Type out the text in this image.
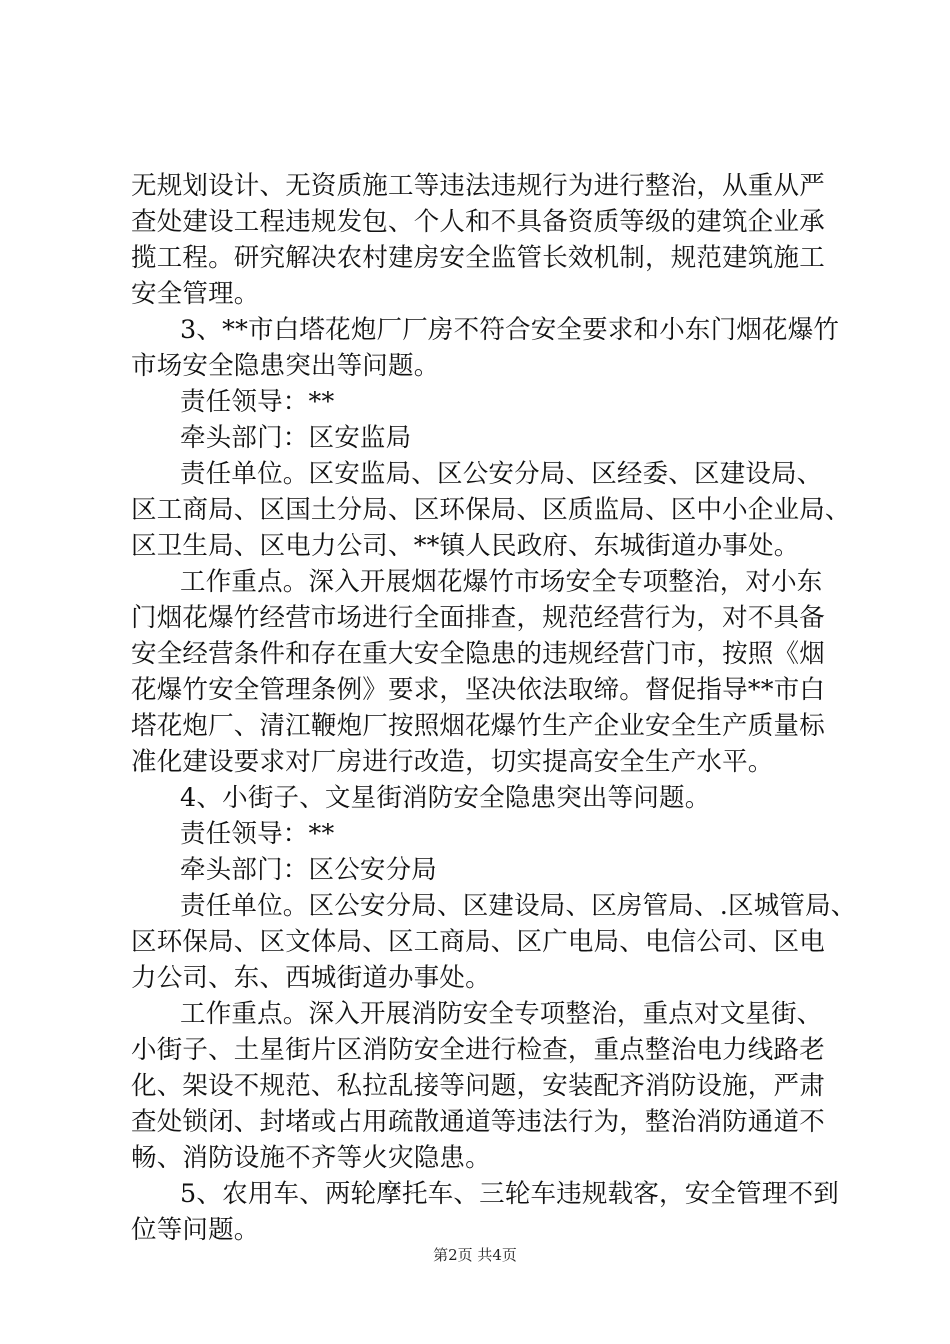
无规划设计、无资质施工等违法违规行为进行整治，从重从严
查处建设工程违规发包、个人和不具备资质等级的建筑企业承
揽工程。研究解决农村建房安全监管长效机制，规范建筑施工
安全管理。
3、**市白塔花炮厂厂房不符合安全要求和小东门烟花爆竹
市场安全隐患突出等问题。
责任领导：**
牵头部门：区安监局
责任单位。区安监局、区公安分局、区经委、区建设局、
区工商局、区国土分局、区环保局、区质监局、区中小企业局、
区卫生局、区电力公司、**镇人民政府、东城街道办事处。
工作重点。深入开展烟花爆竹市场安全专项整治，对小东
门烟花爆竹经营市场进行全面排查，规范经营行为，对不具备
安全经营条件和存在重大安全隐患的违规经营门市，按照《烟
花爆竹安全管理条例》要求，坚决依法取缔。督促指导**市白
塔花炮厂、清江鞭炮厂按照烟花爆竹生产企业安全生产质量标
准化建设要求对厂房进行改造，切实提高安全生产水平。
4、小街子、文星街消防安全隐患突出等问题。
责任领导：**
牵头部门：区公安分局
责任单位。区公安分局、区建设局、区房管局、.区城管局、
区环保局、区文体局、区工商局、区广电局、电信公司、区电
力公司、东、西城街道办事处。
工作重点。深入开展消防安全专项整治，重点对文星街、
小街子、土星街片区消防安全进行检查，重点整治电力线路老
化、架设不规范、私拉乱接等问题，安装配齐消防设施，严肃
查处锁闭、封堵或占用疏散通道等违法行为，整治消防通道不
畅、消防设施不齐等火灾隐患。
5、农用车、两轮摩托车、三轮车违规载客，安全管理不到
位等问题。
第2页 共4页
